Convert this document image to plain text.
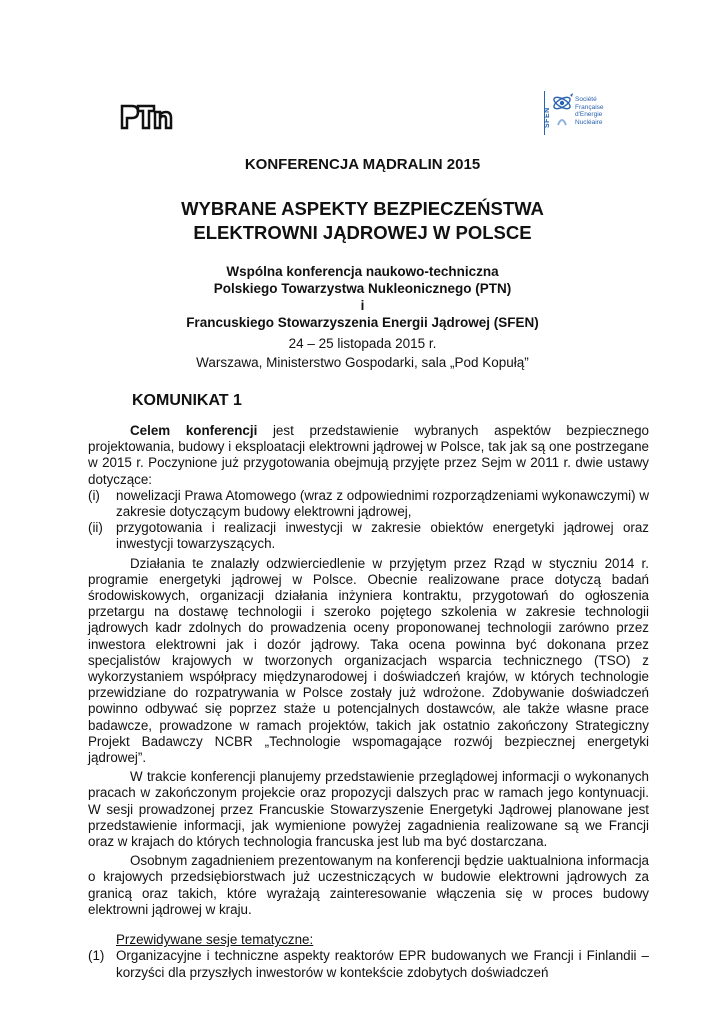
SFEN
Société
Française
d'Energie
Nucléaire
KONFERENCJA MĄDRALIN 2015
WYBRANE ASPEKTY BEZPIECZEŃSTWA
ELEKTROWNI JĄDROWEJ W POLSCE
Wspólna konferencja naukowo-techniczna
Polskiego Towarzystwa Nukleonicznego (PTN)
i
Francuskiego Stowarzyszenia Energii Jądrowej (SFEN)
24 – 25 listopada 2015 r.
Warszawa, Ministerstwo Gospodarki, sala „Pod Kopułą”
KOMUNIKAT 1

Celem konferencji jest przedstawienie wybranych aspektów bezpiecznego projektowania, budowy i eksploatacji elektrowni jądrowej w Polsce, tak jak są one postrzegane w 2015 r. Poczynione już przygotowania obejmują przyjęte przez Sejm w 2011 r. dwie ustawy dotyczące:

(i) nowelizacji Prawa Atomowego (wraz z odpowiednimi rozporządzeniami wykonawczymi) w zakresie dotyczącym budowy elektrowni jądrowej,
(ii) przygotowania i realizacji inwestycji w zakresie obiektów energetyki jądrowej oraz inwestycji towarzyszących.

Działania te znalazły odzwierciedlenie w przyjętym przez Rząd w styczniu 2014 r. programie energetyki jądrowej w Polsce. Obecnie realizowane prace dotyczą badań środowiskowych, organizacji działania inżyniera kontraktu, przygotowań do ogłoszenia przetargu na dostawę technologii i szeroko pojętego szkolenia w zakresie technologii jądrowych kadr zdolnych do prowadzenia oceny proponowanej technologii zarówno przez inwestora elektrowni jak i dozór jądrowy. Taka ocena powinna być dokonana przez specjalistów krajowych w tworzonych organizacjach wsparcia technicznego (TSO) z wykorzystaniem współpracy międzynarodowej i doświadczeń krajów, w których technologie przewidziane do rozpatrywania w Polsce zostały już wdrożone. Zdobywanie doświadczeń powinno odbywać się poprzez staże u potencjalnych dostawców, ale także własne prace badawcze, prowadzone w ramach projektów, takich jak ostatnio zakończony Strategiczny Projekt Badawczy NCBR „Technologie wspomagające rozwój bezpiecznej energetyki jądrowej”.

W trakcie konferencji planujemy przedstawienie przeglądowej informacji o wykonanych pracach w zakończonym projekcie oraz propozycji dalszych prac w ramach jego kontynuacji. W sesji prowadzonej przez Francuskie Stowarzyszenie Energetyki Jądrowej planowane jest przedstawienie informacji, jak wymienione powyżej zagadnienia realizowane są we Francji oraz w krajach do których technologia francuska jest lub ma być dostarczana.

Osobnym zagadnieniem prezentowanym na konferencji będzie uaktualniona informacja o krajowych przedsiębiorstwach już uczestniczących w budowie elektrowni jądrowych za granicą oraz takich, które wyrażają zainteresowanie włączenia się w proces budowy elektrowni jądrowej w kraju.

Przewidywane sesje tematyczne:
(1) Organizacyjne i techniczne aspekty reaktorów EPR budowanych we Francji i Finlandii – korzyści dla przyszłych inwestorów w kontekście zdobytych doświadczeń
